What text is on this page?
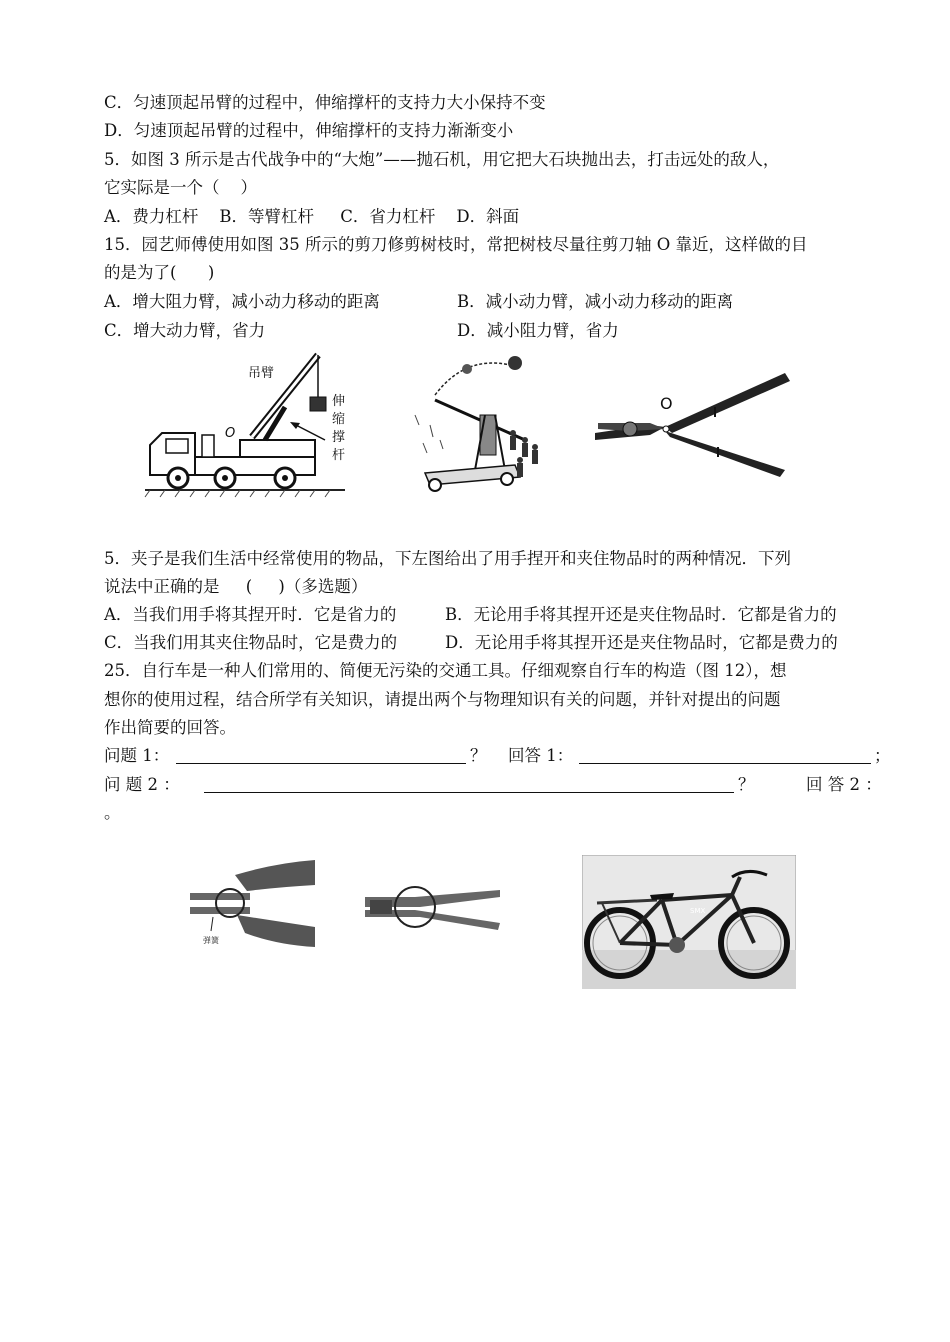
C．匀速顶起吊臂的过程中，伸缩撑杆的支持力大小保持不变
D．匀速顶起吊臂的过程中，伸缩撑杆的支持力渐渐变小
5．如图 3 所示是古代战争中的“大炮”——抛石机，用它把大石块抛出去，打击远处的敌人，
它实际是一个（    ）
A．费力杠杆    B．等臂杠杆     C．省力杠杆    D．斜面
15．园艺师傅使用如图 35 所示的剪刀修剪树枝时，常把树枝尽量往剪刀轴 O 靠近，这样做的目
的是为了(      )
A．增大阻力臂，减小动力移动的距离	B．减小动力臂，减小动力移动的距离
C．增大动力臂，省力	D．减小阻力臂，省力
吊臂
O
伸
缩
撑
杆
O
5．夹子是我们生活中经常使用的物品，下左图给出了用手捏开和夹住物品时的两种情况．下列
说法中正确的是     (     )（多选题）
A．当我们用手将其捏开时．它是省力的	B．无论用手将其捏开还是夹住物品时．它都是省力的
C．当我们用其夹住物品时，它是费力的	D．无论用手将其捏开还是夹住物品时，它都是费力的
25．自行车是一种人们常用的、简便无污染的交通工具。仔细观察自行车的构造（图 12），想
想你的使用过程，结合所学有关知识，请提出两个与物理知识有关的问题，并针对提出的问题
作出简要的回答。
问题 1：	？ 回答 1：	；
问 题 2 ：	？	回 答 2 ：
。
弹簧
SMX
